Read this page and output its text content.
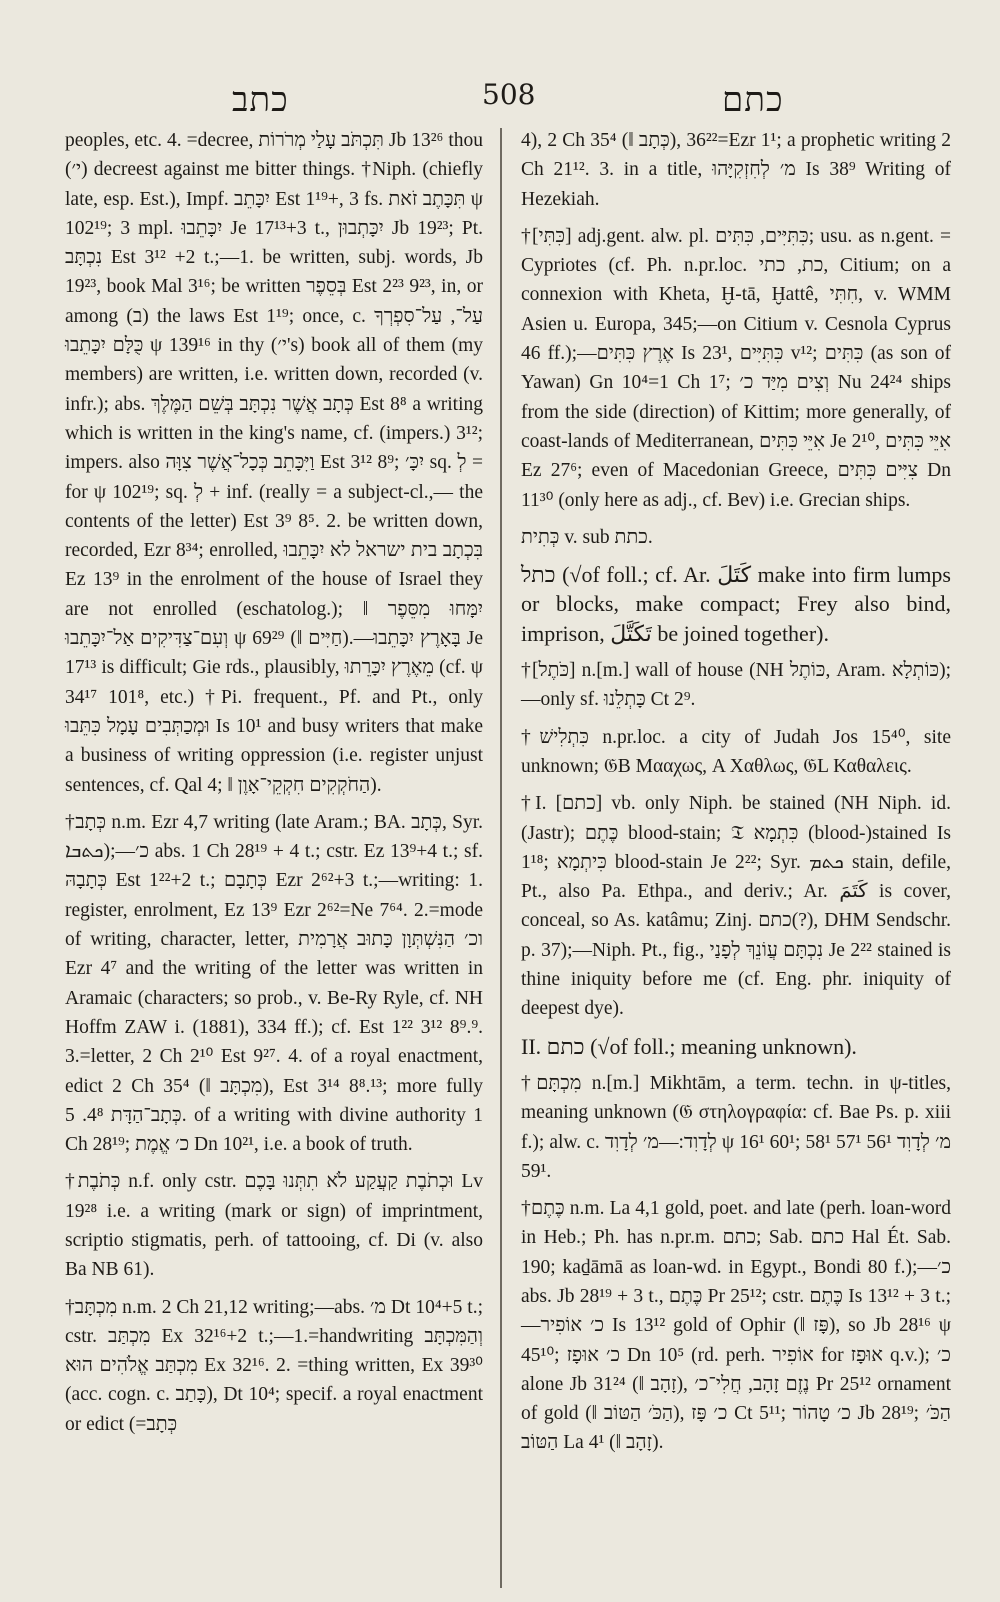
כתב	508	כתם

peoples, etc. 4. =decree, תִּכְתֹּב עָלַי מְרֹרוֹת Jb 13²⁶ thou (י׳) decreest against me bitter things. †Niph. (chiefly late, esp. Est.), Impf. יִכָּתֵב Est 1¹⁹+, 3 fs. תִּכָּתֶב זֹאת ψ 102¹⁹; 3 mpl. יִכָּתֵבוּ Je 17¹³+3 t., יִכָּתְבוּן Jb 19²³; Pt. נִכְתָּב Est 3¹² +2 t.;—1. be written, subj. words, Jb 19²³, book Mal 3¹⁶; be written בְּסֵפֶר Est 2²³ 9²³, in, or among (ב) the laws Est 1¹⁹; once, c. עַל־, עַל־סִפְרְךָ כֻּלָּם יִכָּתֵבוּ ψ 139¹⁶ in thy (י׳'s) book all of them (my members) are written, i.e. written down, recorded (v. infr.); abs. כְּתָב אֲשֶׁר נִכְתָּב בְּשֵׁם הַמֶּלֶךְ Est 8⁸ a writing which is written in the king's name, cf. (impers.) 3¹²; impers. also וַיִּכָּתֵב כְּכָל־אֲשֶׁר צִוָּה Est 3¹² 8⁹; יִכָּ׳ sq. לְ = for ψ 102¹⁹; sq. לְ + inf. (really = a subject-cl.,— the contents of the letter) Est 3⁹ 8⁵. 2. be written down, recorded, Ezr 8³⁴; enrolled, בִּכְתָב בית ישראל לא יִכָּתֵבוּ Ez 13⁹ in the enrolment of the house of Israel they are not enrolled (eschatolog.); יִמָּחוּ מִסֵּפֶר ‖ וְעִם־צַדִּיקִים אַל־יִכָּתֵבוּ ψ 69²⁹ (‖ חַיִּים).—בָּאָרֶץ יִכָּתֵבוּ Je 17¹³ is difficult; Gie rds., plausibly, מֵאֶרֶץ יִכָּרֵתוּ (cf. ψ 34¹⁷ 101⁸, etc.) †Pi. frequent., Pf. and Pt., only וּמְכַתְּבִים עָמָל כִּתֵּבוּ Is 10¹ and busy writers that make a business of writing oppression (i.e. register unjust sentences, cf. Qal 4; ‖ הַחֹקְקִים חִקְקֵי־אָוֶן).

†כְּתָב n.m. Ezr 4,7 writing (late Aram.; BA. כְּתָב, Syr. ܟܬܒܐ);—כ׳ abs. 1 Ch 28¹⁹ + 4 t.; cstr. Ez 13⁹+4 t.; sf. כְּתָבָהּ Est 1²²+2 t.; כְּתָבָם Ezr 2⁶²+3 t.;—writing: 1. register, enrolment, Ez 13⁹ Ezr 2⁶²=Ne 7⁶⁴. 2.=mode of writing, character, letter, וכ׳ הַנִּשְׁתְּוָן כָּתוּב אֲרָמִית Ezr 4⁷ and the writing of the letter was written in Aramaic (characters; so prob., v. Be-Ry Ryle, cf. NH Hoffm ZAW i. (1881), 334 ff.); cf. Est 1²² 3¹² 8⁹.⁹. 3.=letter, 2 Ch 2¹⁰ Est 9²⁷. 4. of a royal enactment, edict 2 Ch 35⁴ (‖ מִכְתָּב), Est 3¹⁴ 8⁸.¹³; more fully כְּתָב־הַדָּת 4⁸. 5. of a writing with divine authority 1 Ch 28¹⁹; כ׳ אֱמֶת Dn 10²¹, i.e. a book of truth.

†כְּתֹבֶת n.f. only cstr. וּכְתֹבֶת קַעֲקַע לֹא תִתְּנוּ בָּכֶם Lv 19²⁸ i.e. a writing (mark or sign) of imprintment, scriptio stigmatis, perh. of tattooing, cf. Di (v. also Ba NB 61).

†מִכְתָּב n.m. 2 Ch 21,12 writing;—abs. מ׳ Dt 10⁴+5 t.; cstr. מִכְתַּב Ex 32¹⁶+2 t.;—1.=handwriting וְהַמִּכְתָּב מִכְתַּב אֱלֹהִים הוּא Ex 32¹⁶. 2. =thing written, Ex 39³⁰ (acc. cogn. c. כָּתַב), Dt 10⁴; specif. a royal enactment or edict (=כְּתָב

4), 2 Ch 35⁴ (‖ כְּתָב), 36²²=Ezr 1¹; a prophetic writing 2 Ch 21¹². 3. in a title, מ׳ לְחִזְקִיָּהוּ Is 38⁹ Writing of Hezekiah.

†[כִּתִּי] adj.gent. alw. pl. כִּתִּיִּים, כִּתִּים; usu. as n.gent. = Cypriotes (cf. Ph. n.pr.loc. כת, כתי, Citium; on a connexion with Kheta, Ḫ-tā, Ḫattê, חִתִּי, v. WMM Asien u. Europa, 345;—on Citium v. Cesnola Cyprus 46 ff.);—אֶרֶץ כִּתִּים Is 23¹, כִּתִּיִּים v¹²; כִּתִּים (as son of Yawan) Gn 10⁴=1 Ch 1⁷; וְצִים מִיַּד כ׳ Nu 24²⁴ ships from the side (direction) of Kittim; more generally, of coast-lands of Mediterranean, אִיֵּי כִּתִּים Je 2¹⁰, אִיֵּי כִּתִּים Ez 27⁶; even of Macedonian Greece, צִיִּים כִּתִּים Dn 11³⁰ (only here as adj., cf. Bev) i.e. Grecian ships.

כְּתִית v. sub כתת.

כתל (√of foll.; cf. Ar. كَتَلَ make into firm lumps or blocks, make compact; Frey also bind, imprison, تَكَتَّلَ be joined together).

†[כֹּתֶל] n.[m.] wall of house (NH כּוֹתֶל, Aram. כּוֹתְלָא);—only sf. כָּתְלֵנוּ Ct 2⁹.

†כִּתְלִישׁ n.pr.loc. a city of Judah Jos 15⁴⁰, site unknown; 𝔊B Μααχως, A Χαθλως, 𝔊L Καθαλεις.

†I. [כתם] vb. only Niph. be stained (NH Niph. id. (Jastr); כֶּתֶם blood-stain; 𝔗 כִּתְמָא (blood-)stained Is 1¹⁸; כִּיתְמָא blood-stain Je 2²²; Syr. ܟܬܡ stain, defile, Pt., also Pa. Ethpa., and deriv.; Ar. كَتَمَ is cover, conceal, so As. katâmu; Zinj. כתם(?), DHM Sendschr. p. 37);—Niph. Pt., fig., נִכְתָּם עֲוֹנֵךְ לְפָנַי Je 2²² stained is thine iniquity before me (cf. Eng. phr. iniquity of deepest dye).

II. כתם (√of foll.; meaning unknown).

†מִכְתָּם n.[m.] Mikhtām, a term. techn. in ψ-titles, meaning unknown (𝔊 στηλογραφία: cf. Bae Ps. p. xiii f.); alw. c. לְדָוִד:—מ׳ לְדָוִד ψ 16¹ 60¹; מ׳ לְדָוִד 56¹ 57¹ 58¹ 59¹.

†כֶּתֶם n.m. La 4,1 gold, poet. and late (perh. loan-word in Heb.; Ph. has n.pr.m. כתם; Sab. כתם Hal Ét. Sab. 190; kaḏāmā as loan-wd. in Egypt., Bondi 80 f.);—כ׳ abs. Jb 28¹⁹ + 3 t., כֶּתֶם Pr 25¹²; cstr. כֶּתֶם Is 13¹² + 3 t.;—כ׳ אוֹפִיר Is 13¹² gold of Ophir (‖ פָּז), so Jb 28¹⁶ ψ 45¹⁰; כ׳ אוּפָז Dn 10⁵ (rd. perh. אוֹפִיר for אוּפָז q.v.); כ׳ alone Jb 31²⁴ (‖ זָהָב), נֶזֶם זָהָב, חֲלִי־כ׳ Pr 25¹² ornament of gold (‖ הַכֹּ׳ הַטּוֹב), כ׳ פָּז Ct 5¹¹; כ׳ טָהוֹר Jb 28¹⁹; הַכֹּ׳ הַטּוֹב La 4¹ (‖ זָהָב).
